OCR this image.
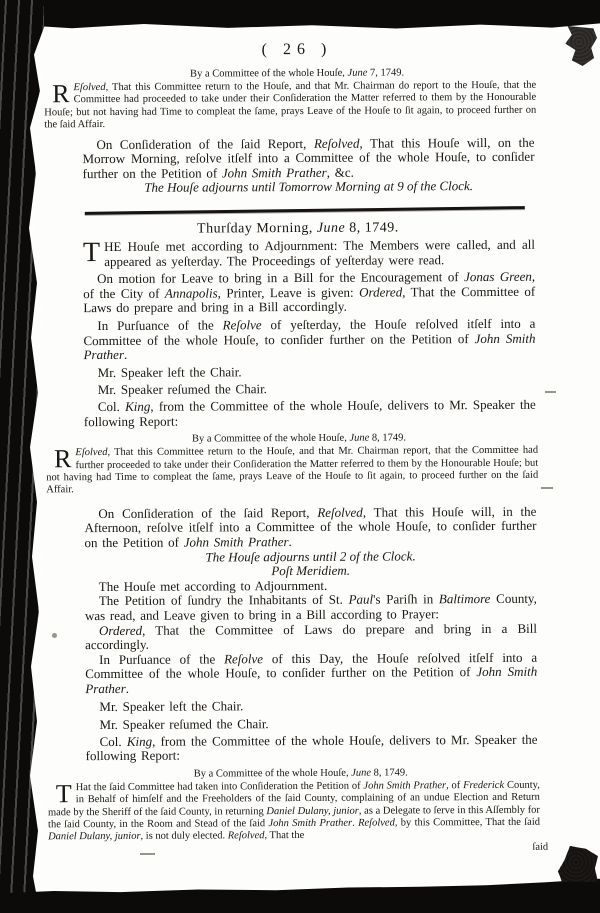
( 26 )
By a Committee of the whole Houſe, June 7, 1749.

R Eſolved, That this Committee return to the Houſe, and that Mr. Chairman do report to the Houſe, that the Committee had proceeded to take under their Conſideration the Matter referred to them by the Honourable Houſe; but not having had Time to compleat the ſame, prays Leave of the Houſe to ſit again, to proceed further on the ſaid Affair.

On Conſideration of the ſaid Report, Reſolved, That this Houſe will, on the Morrow Morning, reſolve itſelf into a Committee of the whole Houſe, to conſider further on the Petition of John Smith Prather, &c.

The Houſe adjourns until Tomorrow Morning at 9 of the Clock.

Thurſday Morning, June 8, 1749.

THE Houſe met according to Adjournment: The Members were called, and all appeared as yeſterday. The Proceedings of yeſterday were read.

On motion for Leave to bring in a Bill for the Encouragement of Jonas Green, of the City of Annapolis, Printer, Leave is given: Ordered, That the Committee of Laws do prepare and bring in a Bill accordingly.

In Purſuance of the Reſolve of yeſterday, the Houſe reſolved itſelf into a Committee of the whole Houſe, to conſider further on the Petition of John Smith Prather.

Mr. Speaker left the Chair.

Mr. Speaker reſumed the Chair.

Col. King, from the Committee of the whole Houſe, delivers to Mr. Speaker the following Report:

By a Committee of the whole Houſe, June 8, 1749.

R Eſolved, That this Committee return to the Houſe, and that Mr. Chairman report, that the Committee had further proceeded to take under their Conſideration the Matter referred to them by the Honourable Houſe; but not having had Time to compleat the ſame, prays Leave of the Houſe to ſit again, to proceed further on the ſaid Affair.

On Conſideration of the ſaid Report, Reſolved, That this Houſe will, in the Afternoon, reſolve itſelf into a Committee of the whole Houſe, to conſider further on the Petition of John Smith Prather.

The Houſe adjourns until 2 of the Clock.

Poſt Meridiem.

The Houſe met according to Adjournment.

The Petition of ſundry the Inhabitants of St. Paul's Pariſh in Baltimore County, was read, and Leave given to bring in a Bill according to Prayer:

Ordered, That the Committee of Laws do prepare and bring in a Bill accordingly.

In Purſuance of the Reſolve of this Day, the Houſe reſolved itſelf into a Committee of the whole Houſe, to conſider further on the Petition of John Smith Prather.

Mr. Speaker left the Chair.

Mr. Speaker reſumed the Chair.

Col. King, from the Committee of the whole Houſe, delivers to Mr. Speaker the following Report:

By a Committee of the whole Houſe, June 8, 1749.

T Hat the ſaid Committee had taken into Conſideration the Petition of John Smith Prather, of Frederick County, in Behalf of himſelf and the Freeholders of the ſaid County, complaining of an undue Election and Return made by the Sheriff of the ſaid County, in returning Daniel Dulany, junior, as a Delegate to ſerve in this Aſſembly for the ſaid County, in the Room and Stead of the ſaid John Smith Prather. Reſolved, by this Committee, That the ſaid Daniel Dulany, junior, is not duly elected. Reſolved, That the

ſaid
